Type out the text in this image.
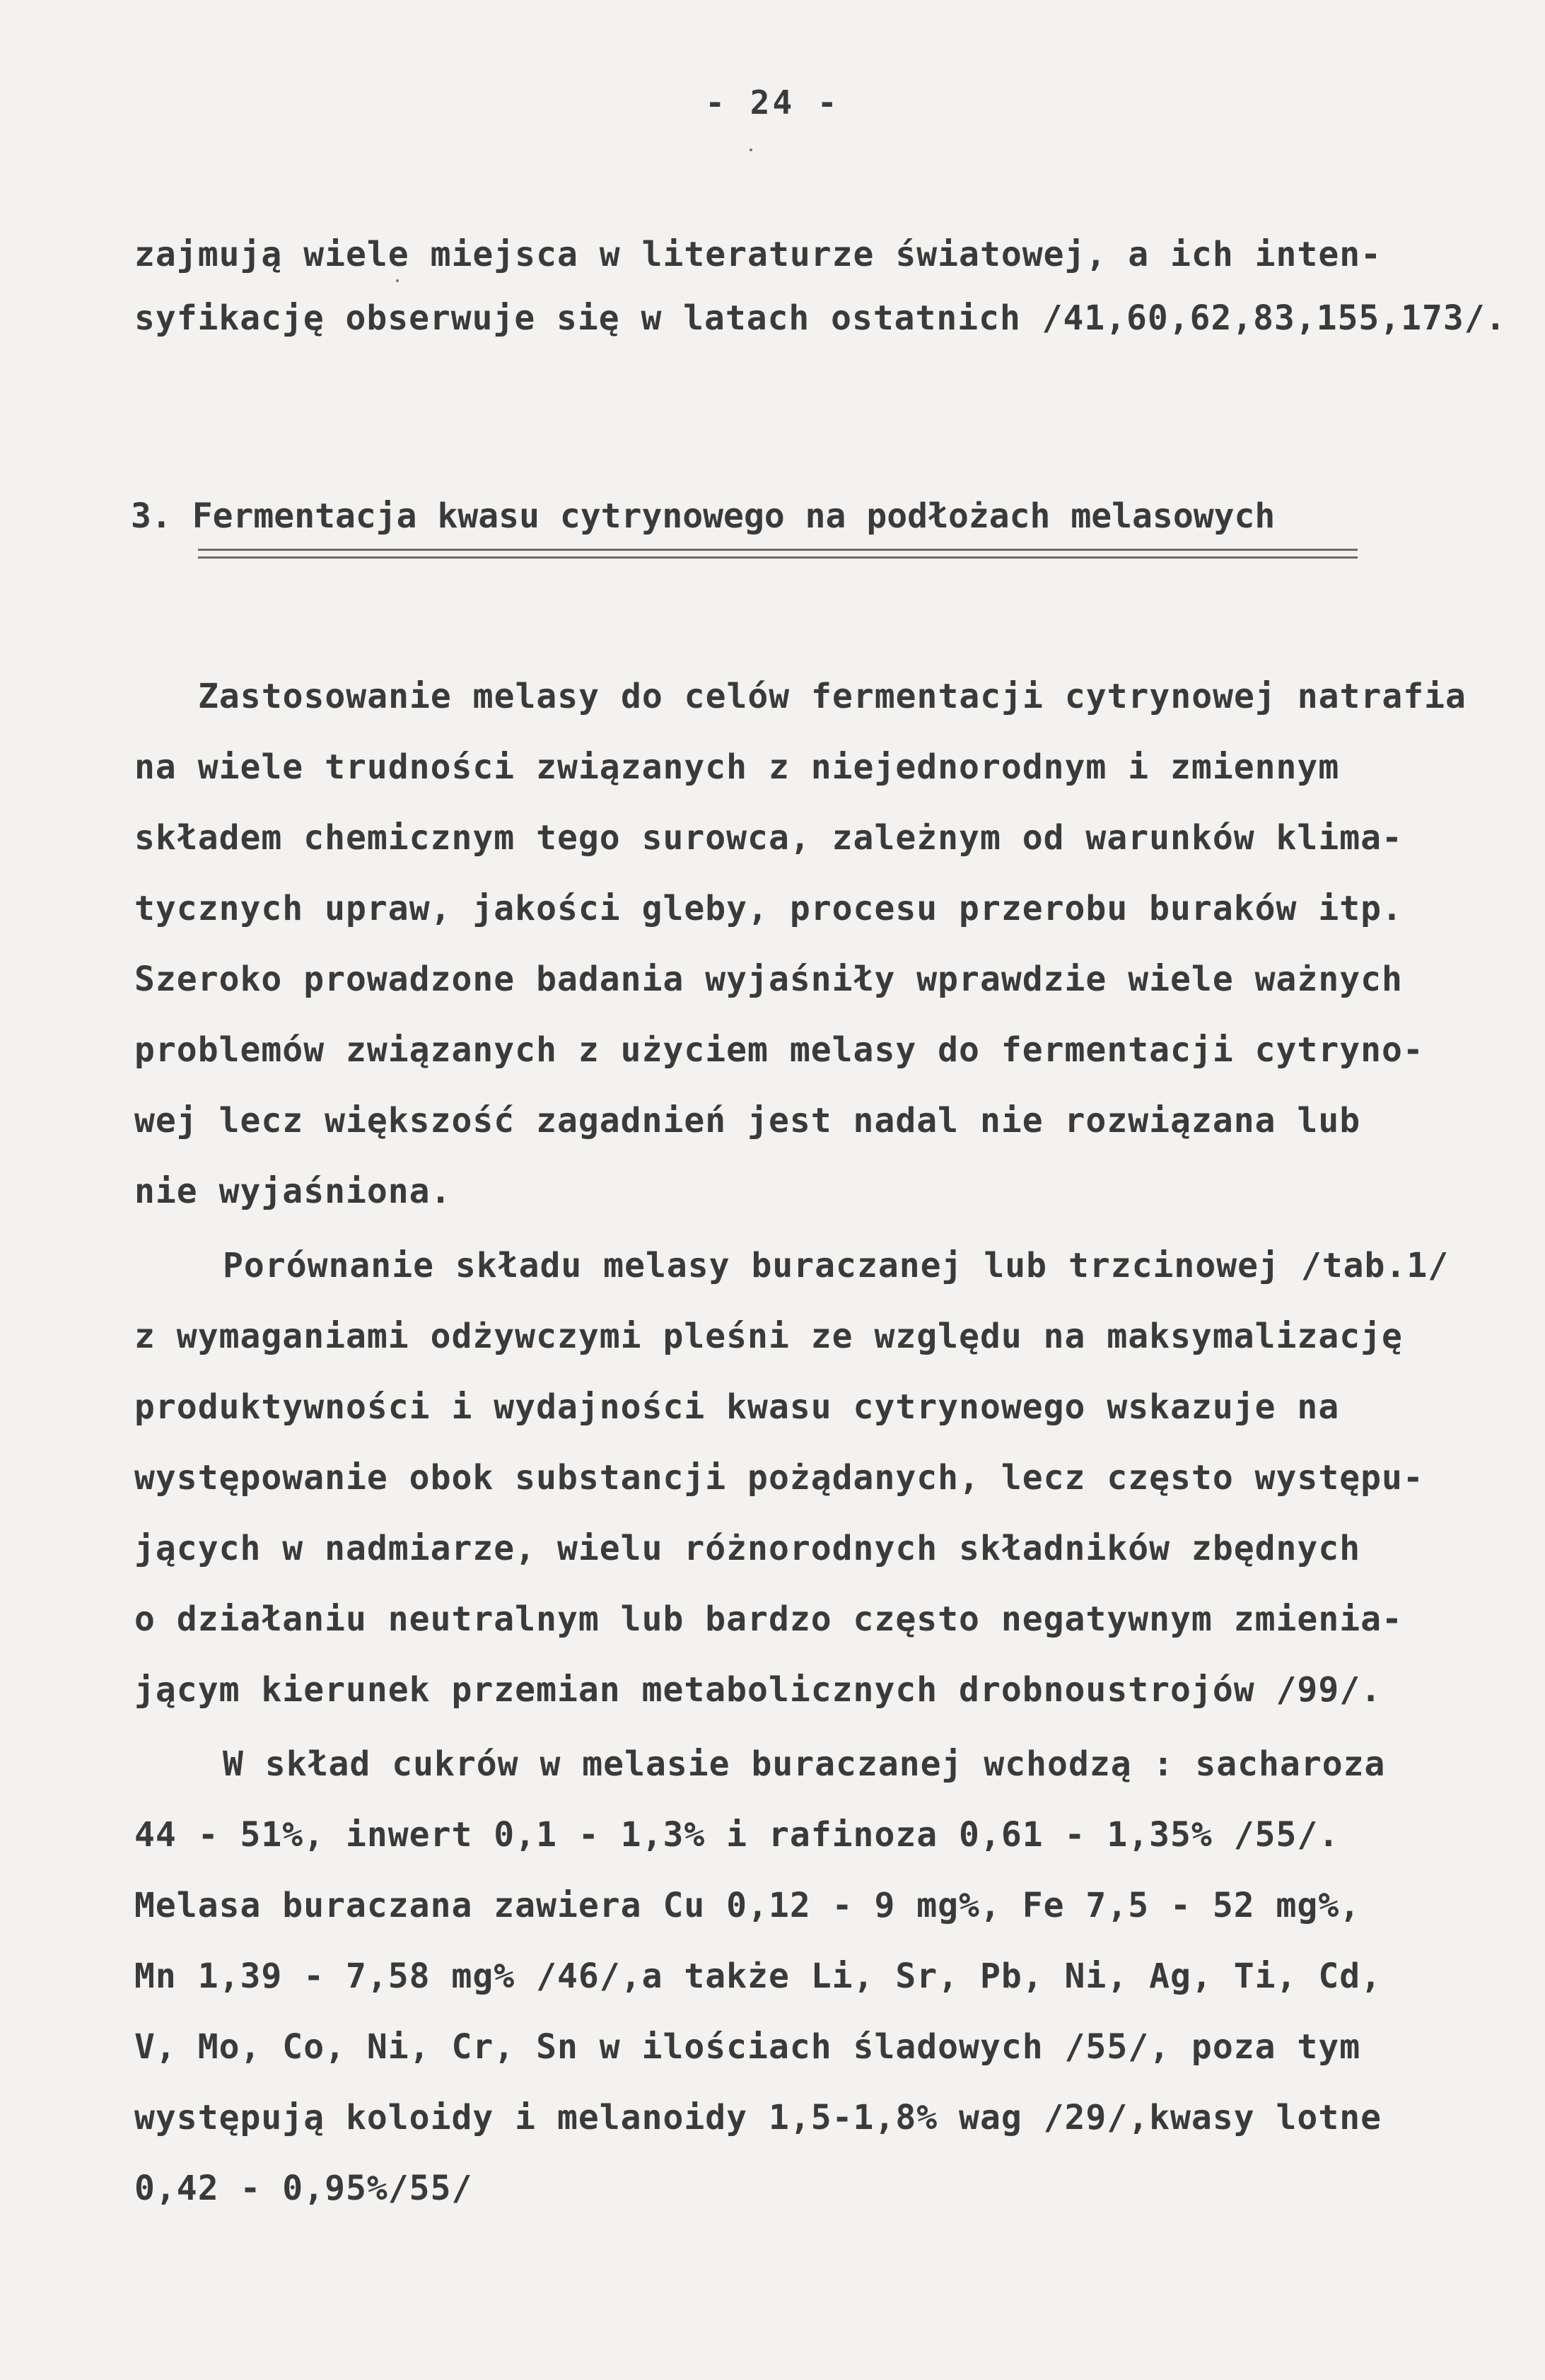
- 24 -
zajmują wiele miejsca w literaturze światowej, a ich inten-
syfikację obserwuje się w latach ostatnich /41,60,62,83,155,173/.
3. Fermentacja kwasu cytrynowego na podłożach melasowych
Zastosowanie melasy do celów fermentacji cytrynowej natrafia
na wiele trudności związanych z niejednorodnym i zmiennym
składem chemicznym tego surowca, zależnym od warunków klima-
tycznych upraw, jakości gleby, procesu przerobu buraków itp.
Szeroko prowadzone badania wyjaśniły wprawdzie wiele ważnych
problemów związanych z użyciem melasy do fermentacji cytryno-
wej lecz większość zagadnień jest nadal nie rozwiązana lub
nie wyjaśniona.
Porównanie składu melasy buraczanej lub trzcinowej /tab.1/
z wymaganiami odżywczymi pleśni ze względu na maksymalizację
produktywności i wydajności kwasu cytrynowego wskazuje na
występowanie obok substancji pożądanych, lecz często występu-
jących w nadmiarze, wielu różnorodnych składników zbędnych
o działaniu neutralnym lub bardzo często negatywnym zmienia-
jącym kierunek przemian metabolicznych drobnoustrojów /99/.
W skład cukrów w melasie buraczanej wchodzą : sacharoza
44 - 51%, inwert 0,1 - 1,3% i rafinoza 0,61 - 1,35% /55/.
Melasa buraczana zawiera Cu 0,12 - 9 mg%, Fe 7,5 - 52 mg%,
Mn 1,39 - 7,58 mg% /46/,a także Li, Sr, Pb, Ni, Ag, Ti, Cd,
V, Mo, Co, Ni, Cr, Sn w ilościach śladowych /55/, poza tym
występują koloidy i melanoidy 1,5-1,8% wag /29/,kwasy lotne
0,42 - 0,95%/55/
